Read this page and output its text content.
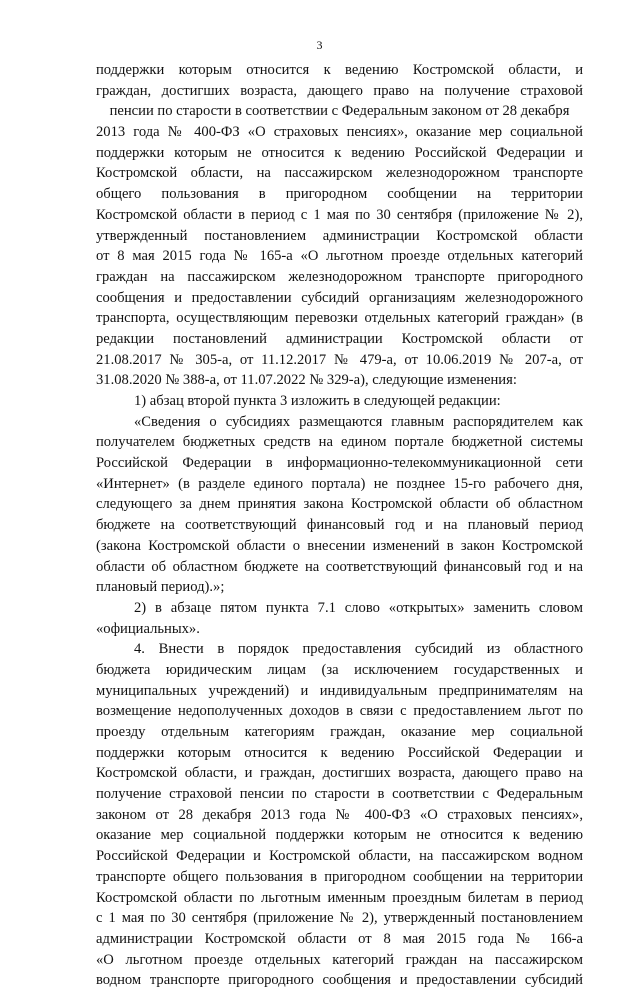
3
поддержки которым относится к ведению Костромской области, и
граждан, достигших возраста, дающего право на получение страховой
пенсии по старости в соответствии с Федеральным законом от 28 декабря
2013 года № 400-ФЗ «О страховых пенсиях», оказание мер социальной
поддержки которым не относится к ведению Российской Федерации и
Костромской области, на пассажирском железнодорожном транспорте
общего пользования в пригородном сообщении на территории
Костромской области в период с 1 мая по 30 сентября (приложение № 2),
утвержденный постановлением администрации Костромской области
от 8 мая 2015 года № 165-а «О льготном проезде отдельных категорий
граждан на пассажирском железнодорожном транспорте пригородного
сообщения и предоставлении субсидий организациям железнодорожного
транспорта, осуществляющим перевозки отдельных категорий граждан» (в
редакции постановлений администрации Костромской области от
21.08.2017 № 305-а, от 11.12.2017 № 479-а, от 10.06.2019 № 207-а, от
31.08.2020 № 388-а, от 11.07.2022 № 329-а), следующие изменения:
1) абзац второй пункта 3 изложить в следующей редакции:
«Сведения о субсидиях размещаются главным распорядителем как
получателем бюджетных средств на едином портале бюджетной системы
Российской Федерации в информационно-телекоммуникационной сети
«Интернет» (в разделе единого портала) не позднее 15-го рабочего дня,
следующего за днем принятия закона Костромской области об областном
бюджете на соответствующий финансовый год и на плановый период
(закона Костромской области о внесении изменений в закон Костромской
области об областном бюджете на соответствующий финансовый год и на
плановый период).»;
2) в абзаце пятом пункта 7.1 слово «открытых» заменить словом
«официальных».
4. Внести в порядок предоставления субсидий из областного
бюджета юридическим лицам (за исключением государственных и
муниципальных учреждений) и индивидуальным предпринимателям на
возмещение недополученных доходов в связи с предоставлением льгот по
проезду отдельным категориям граждан, оказание мер социальной
поддержки которым относится к ведению Российской Федерации и
Костромской области, и граждан, достигших возраста, дающего право на
получение страховой пенсии по старости в соответствии с Федеральным
законом от 28 декабря 2013 года № 400-ФЗ «О страховых пенсиях»,
оказание мер социальной поддержки которым не относится к ведению
Российской Федерации и Костромской области, на пассажирском водном
транспорте общего пользования в пригородном сообщении на территории
Костромской области по льготным именным проездным билетам в период
с 1 мая по 30 сентября (приложение № 2), утвержденный постановлением
администрации Костромской области от 8 мая 2015 года № 166-а
«О льготном проезде отдельных категорий граждан на пассажирском
водном транспорте пригородного сообщения и предоставлении субсидий
